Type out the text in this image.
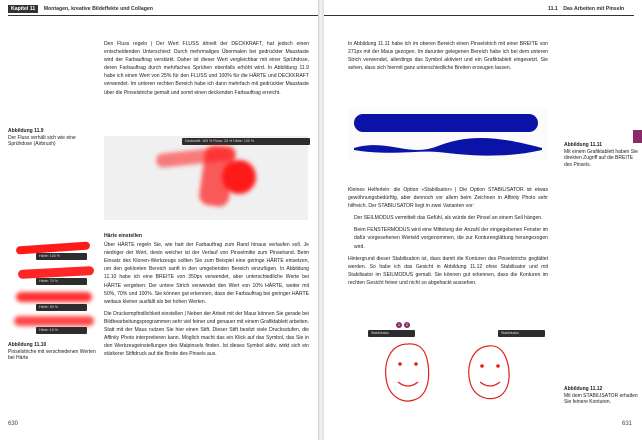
Kapitel 11 Montagen, kreative Bildeffekte und Collagen

Den Fluss regeln | Der Wert FLUSS ähnelt der DECKKRAFT, hat jedoch einen entscheidenden Unterschied: Durch mehrmaliges Übermalen bei gedrückter Maustaste wird der Farbauftrag verstärkt. Daher ist dieser Wert vergleichbar mit einer Sprühdose, deren Farbauftrag durch mehrfaches Sprühen ebenfalls erhöht wird. In Abbildung 11.9 habe ich einen Wert von 25% für den FLUSS und 100% für die HÄRTE und DECKKRAFT verwendet. Im unteren rechten Bereich habe ich dann mehrfach mit gedrückter Maustaste über die Pinselstriche gemalt und somit einen deckenden Farbauftrag erreicht.

Abbildung 11.9
Der Fluss verhält sich wie eine Sprühdose (Airbrush)	Deckkraft: 100 % Fluss: 25 % Härte: 100 %
Härte: 100 %
Härte: 70 %
Härte: 50 %
Härte: 10 %

Härte einstellen

Über HÄRTE regeln Sie, wie hart der Farbauftrag zum Rand hinaus verlaufen soll. Je niedriger der Wert, desto weicher ist der Verlauf von Pinselmitte zum Pinselrand. Beim Einsatz des Klonen-Werkzeugs sollten Sie zum Beispiel eine geringe HÄRTE einsetzen, um den geklonten Bereich sanft in den umgebenden Bereich einzufügen. In Abbildung 11.10 habe ich eine BREITE von 350px verwendet, aber unterschiedliche Werte bei HÄRTE vergeben: Der untere Strich verwendet den Wert von 10% HÄRTE, weiter mit 50%, 70% und 100%. Sie können gut erkennen, dass der Farbauftrag bei geringer HÄRTE weitaus kleiner ausfällt als bei hohen Werten.

Die Druckempfindlichkeit einstellen | Neben der Arbeit mit der Maus können Sie gerade bei Bildbearbeitungsprogrammen sehr viel feiner und genauer mit einem Grafiktablett arbeiten. Statt mit der Maus nutzen Sie hier einen Stift. Dieser Stift besitzt viele Drucksstufen, die Affinity Photo interpretieren kann. Möglich macht das ein Klick auf das Symbol, das Sie in den Werkzeugeinstellungen des Malpinsels finden. Ist dieses Symbol aktiv, wirkt sich ein stärkerer Stiftdruck auf die Breite des Pinsels aus.

Abbildung 11.10
Pinselstriche mit verschiedenen Werten bei Härte
630
11.1 Das Arbeiten mit Pinseln

In Abbildung 11.11 habe ich im oberen Bereich einen Pinselstrich mit einer BREITE von 271px mit der Maus gezogen. Im darunter gelegenen Bereich habe ich bei dem unteren Strich verwendet, allerdings das Symbol aktiviert und ein Grafiktablett eingesetzt. Sie sehen, dass sich hiermit ganz unterschiedliche Breiten erzeugen lassen.

Abbildung 11.11
Mit einem Grafiktablett haben Sie direkten Zugriff auf die BREITE des Pinsels.

Kleines Helferlein: die Option »Stabilisator« | Die Option STABILISATOR ist etwas gewöhnungsbedürftig, aber dennoch vor allem beim Zeichnen in Affinity Photo sehr hilfreich. Der STABILISATOR liegt in zwei Varianten vor:

Der SEILMODUS vermittelt das Gefühl, als würde der Pinsel an einem Seil hängen.

Beim FENSTERMODUS wird eine Mittelung der Anzahl der eingegebenen Fenster im dafür vorgesehenen Werteld vorgenommen, die zur Konturenglättung herangezogen wird.

Hintergrund dieser Stabilisation ist, dass damit die Konturen des Pinselstrichs geglättet werden. So habe ich das Gesicht in Abbildung 11.12 ohne Stabilisator und mit Stabilisator im SEILMODUS gemalt. Sie können gut erkennen, dass die Konturen im rechten Gesicht feiner und nicht so abgehackt aussehen.

1	2
Stabilisator	Stabilisator
Abbildung 11.12
Mit dem STABILISATOR erhalten Sie feinere Konturen.
631
